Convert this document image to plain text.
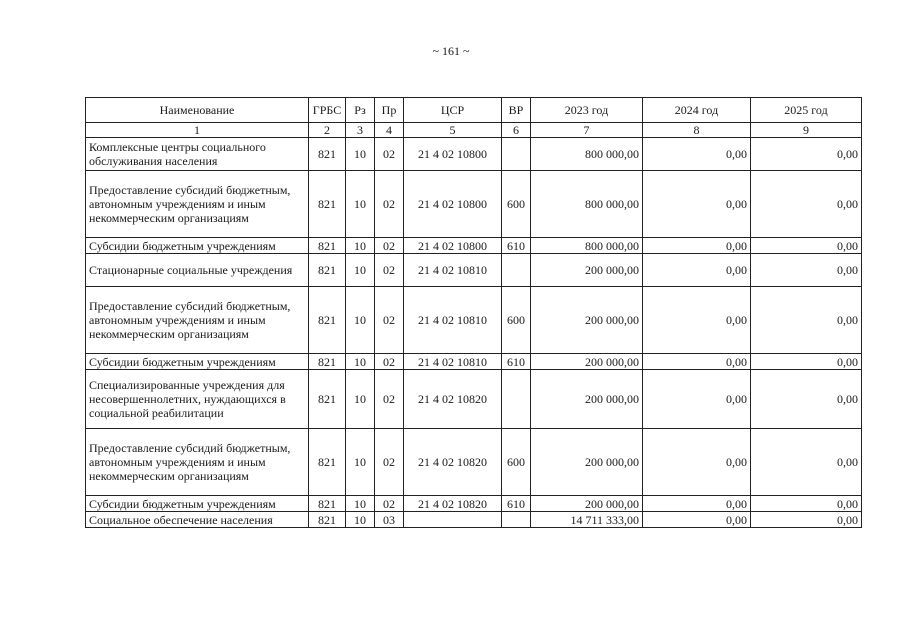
~ 161 ~
Наименование	ГРБС	Рз	Пр	ЦСР	ВР	2023 год	2024 год	2025 год
1	2	3	4	5	6	7	8	9
Комплексные центры социального обслуживания населения	821	10	02	21 4 02 10800		800 000,00	0,00	0,00
Предоставление субсидий бюджетным, автономным учреждениям и иным некоммерческим организациям	821	10	02	21 4 02 10800	600	800 000,00	0,00	0,00
Субсидии бюджетным учреждениям	821	10	02	21 4 02 10800	610	800 000,00	0,00	0,00
Стационарные социальные учреждения	821	10	02	21 4 02 10810		200 000,00	0,00	0,00
Предоставление субсидий бюджетным, автономным учреждениям и иным некоммерческим организациям	821	10	02	21 4 02 10810	600	200 000,00	0,00	0,00
Субсидии бюджетным учреждениям	821	10	02	21 4 02 10810	610	200 000,00	0,00	0,00
Специализированные учреждения для несовершеннолетних, нуждающихся в социальной реабилитации	821	10	02	21 4 02 10820		200 000,00	0,00	0,00
Предоставление субсидий бюджетным, автономным учреждениям и иным некоммерческим организациям	821	10	02	21 4 02 10820	600	200 000,00	0,00	0,00
Субсидии бюджетным учреждениям	821	10	02	21 4 02 10820	610	200 000,00	0,00	0,00
Социальное обеспечение населения	821	10	03			14 711 333,00	0,00	0,00
